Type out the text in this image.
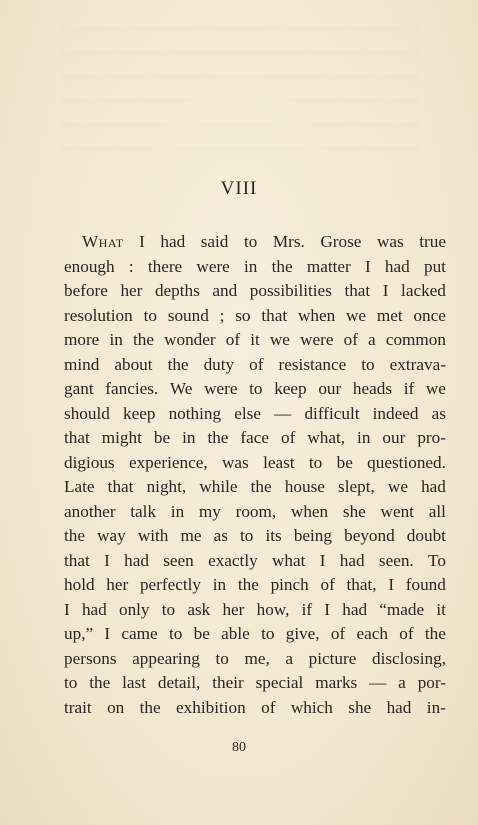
VIII
What I had said to Mrs. Grose was true
enough : there were in the matter I had put
before her depths and possibilities that I lacked
resolution to sound ; so that when we met once
more in the wonder of it we were of a common
mind about the duty of resistance to extrava-
gant fancies. We were to keep our heads if we
should keep nothing else — difficult indeed as
that might be in the face of what, in our pro-
digious experience, was least to be questioned.
Late that night, while the house slept, we had
another talk in my room, when she went all
the way with me as to its being beyond doubt
that I had seen exactly what I had seen. To
hold her perfectly in the pinch of that, I found
I had only to ask her how, if I had “made it
up,” I came to be able to give, of each of the
persons appearing to me, a picture disclosing,
to the last detail, their special marks — a por-
trait on the exhibition of which she had in-
80
